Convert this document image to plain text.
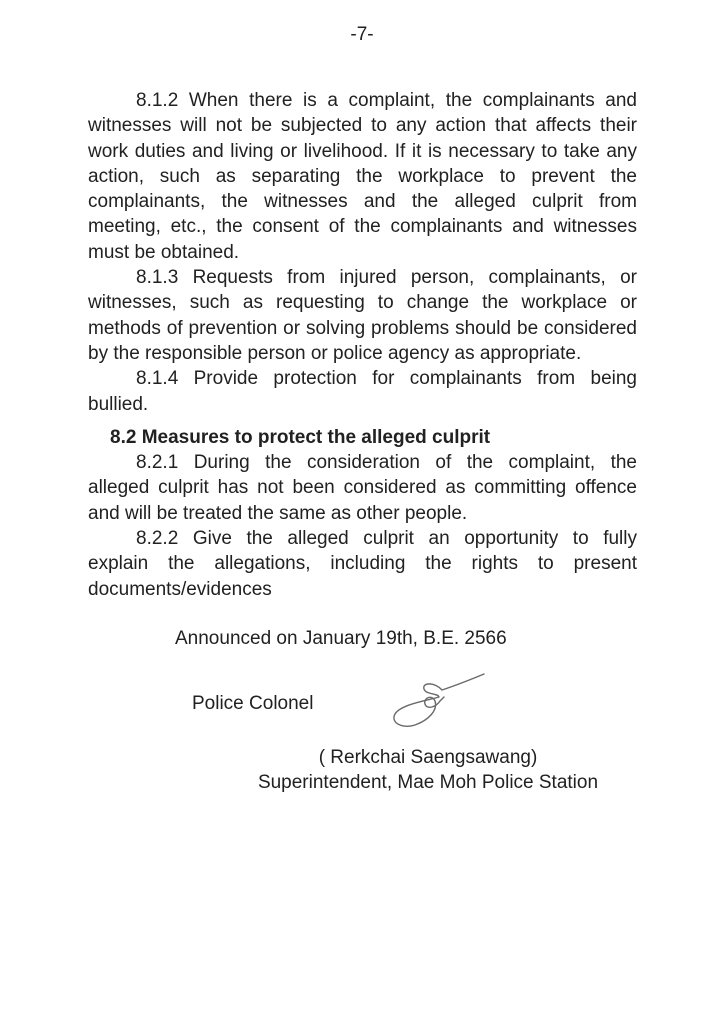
-7-
8.1.2 When there is a complaint, the complainants and
witnesses will not be subjected to any action that affects their
work duties and living or livelihood. If it is necessary to take any
action, such as separating the workplace to prevent the
complainants, the witnesses and the alleged culprit from
meeting, etc., the consent of the complainants and witnesses
must be obtained.
8.1.3 Requests from injured person, complainants, or
witnesses, such as requesting to change the workplace or
methods of prevention or solving problems should be considered
by the responsible person or police agency as appropriate.
8.1.4 Provide protection for complainants from being
bullied.
8.2 Measures to protect the alleged culprit
8.2.1 During the consideration of the complaint, the
alleged culprit has not been considered as committing offence
and will be treated the same as other people.
8.2.2 Give the alleged culprit an opportunity to fully
explain the allegations, including the rights to present
documents/evidences
Announced on January 19th, B.E. 2566
Police Colonel
( Rerkchai Saengsawang)
Superintendent, Mae Moh Police Station
